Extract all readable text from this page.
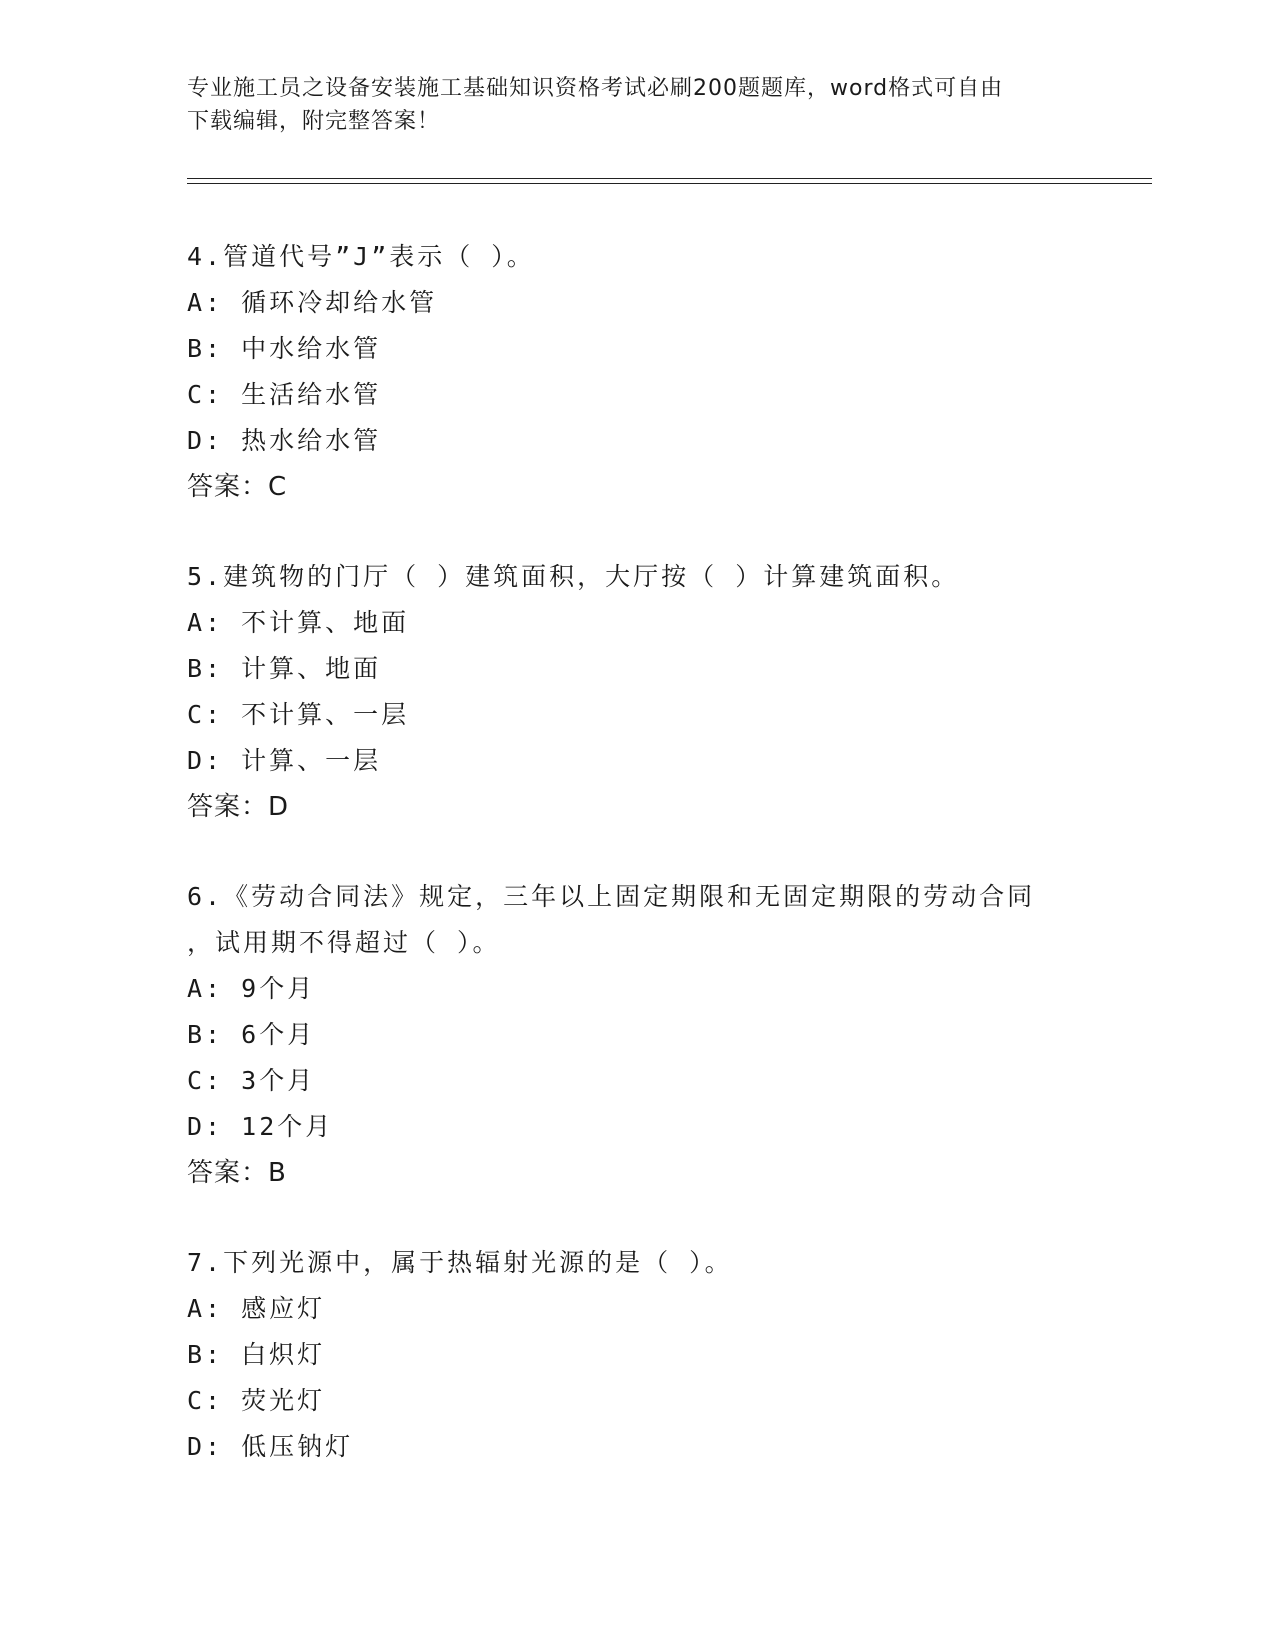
专业施工员之设备安装施工基础知识资格考试必刷200题题库，word格式可自由
下载编辑，附完整答案！
4.管道代号”J”表示（ ）。
A: 循环冷却给水管
B: 中水给水管
C: 生活给水管
D: 热水给水管
答案：C
5.建筑物的门厅（ ）建筑面积，大厅按（ ）计算建筑面积。
A: 不计算、地面
B: 计算、地面
C: 不计算、一层
D: 计算、一层
答案：D
6.《劳动合同法》规定，三年以上固定期限和无固定期限的劳动合同
，试用期不得超过（ ）。
A: 9个月
B: 6个月
C: 3个月
D: 12个月
答案：B
7.下列光源中，属于热辐射光源的是（ ）。
A: 感应灯
B: 白炽灯
C: 荧光灯
D: 低压钠灯
